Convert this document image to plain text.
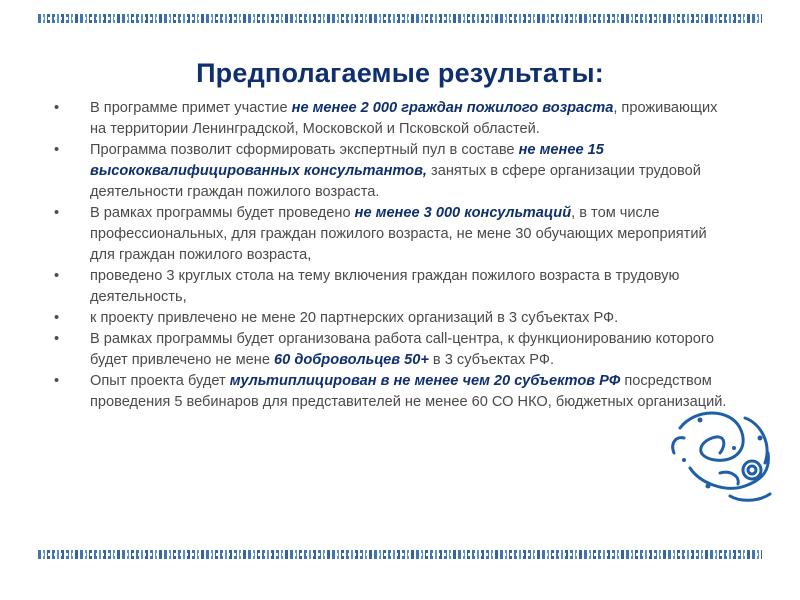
Предполагаемые результаты:
• В программе примет участие не менее 2 000 граждан пожилого возраста, проживающих на территории Ленинградской, Московской и Псковской областей.
• Программа позволит сформировать экспертный пул в составе не менее 15 высококвалифицированных консультантов, занятых в сфере организации трудовой деятельности граждан пожилого возраста.
• В рамках программы будет проведено не менее 3 000 консультаций, в том числе профессиональных, для граждан пожилого возраста, не мене 30 обучающих мероприятий для граждан пожилого возраста,
• проведено 3 круглых стола на тему включения граждан пожилого возраста в трудовую деятельность,
• к проекту привлечено не мене 20 партнерских организаций в 3 субъектах РФ.
• В рамках программы будет организована работа call-центра, к функционированию которого будет привлечено не мене 60 добровольцев 50+ в 3 субъектах РФ.
• Опыт проекта будет мультиплицирован в не менее чем 20 субъектов РФ посредством проведения 5 вебинаров для представителей не менее 60 СО НКО, бюджетных организаций.
